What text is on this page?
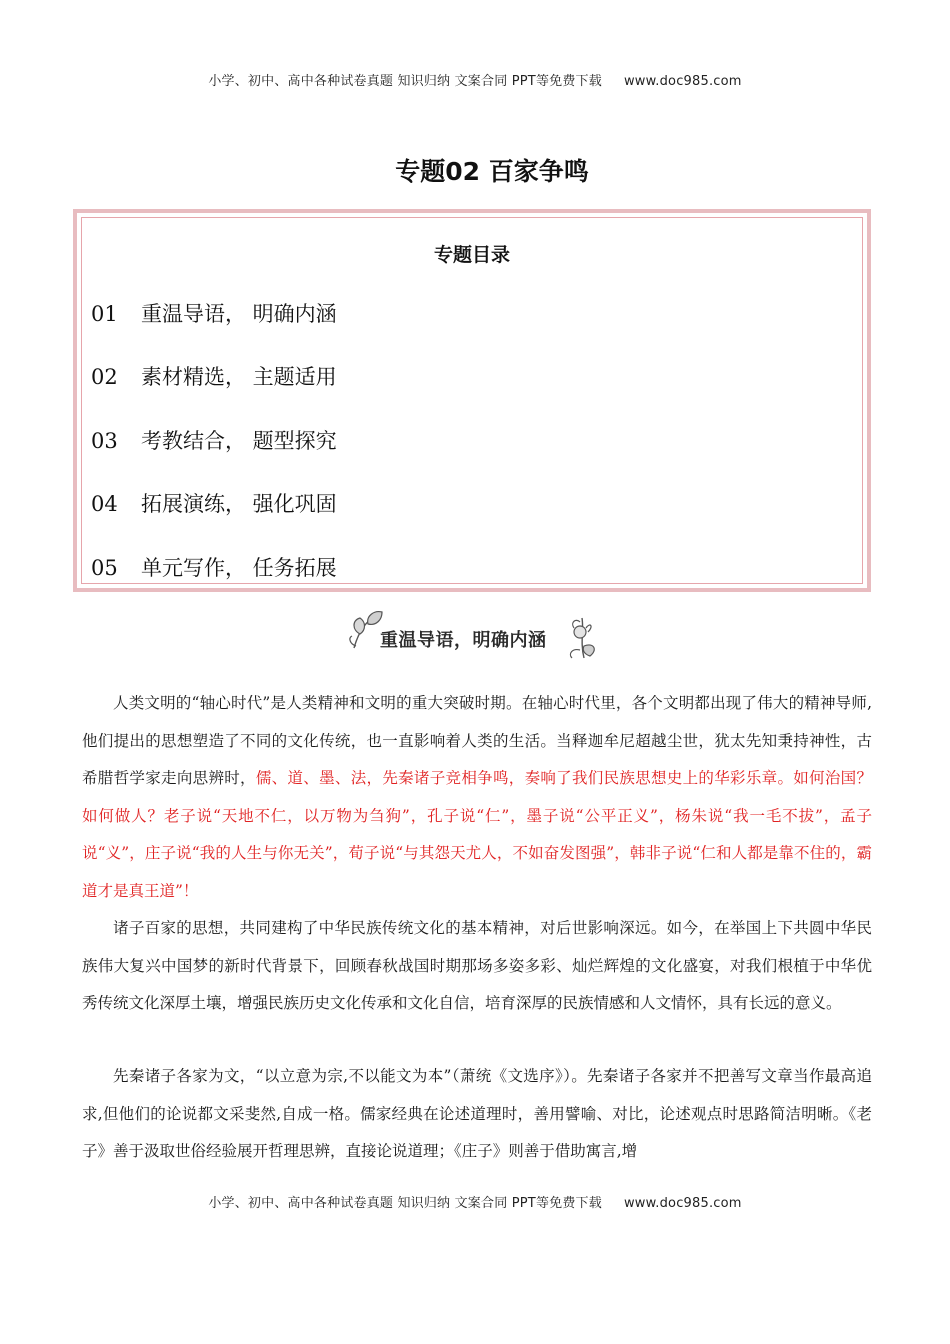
小学、初中、高中各种试卷真题 知识归纳 文案合同 PPT等免费下载 www.doc985.com
专题02 百家争鸣
专题目录
01 重温导语， 明确内涵
02 素材精选， 主题适用
03 考教结合， 题型探究
04 拓展演练， 强化巩固
05 单元写作， 任务拓展
重温导语，明确内涵

人类文明的“轴心时代”是人类精神和文明的重大突破时期。在轴心时代里，各个文明都出现了伟大的精神导师,他们提出的思想塑造了不同的文化传统，也一直影响着人类的生活。当释迦牟尼超越尘世，犹太先知秉持神性，古希腊哲学家走向思辨时，儒、道、墨、法，先秦诸子竞相争鸣，奏响了我们民族思想史上的华彩乐章。如何治国？如何做人？老子说“天地不仁，以万物为刍狗”，孔子说“仁”，墨子说“公平正义”，杨朱说“我一毛不拔”，孟子说“义”，庄子说“我的人生与你无关”，荀子说“与其怨天尤人，不如奋发图强”，韩非子说“仁和人都是靠不住的，霸道才是真王道”！

诸子百家的思想，共同建构了中华民族传统文化的基本精神，对后世影响深远。如今，在举国上下共圆中华民族伟大复兴中国梦的新时代背景下，回顾春秋战国时期那场多姿多彩、灿烂辉煌的文化盛宴，对我们根植于中华优秀传统文化深厚土壤，增强民族历史文化传承和文化自信，培育深厚的民族情感和人文情怀，具有长远的意义。

先秦诸子各家为文，“以立意为宗,不以能文为本”（萧统《文选序》）。先秦诸子各家并不把善写文章当作最高追求,但他们的论说都文采斐然,自成一格。儒家经典在论述道理时，善用譬喻、对比，论述观点时思路简洁明晰。《老子》善于汲取世俗经验展开哲理思辨，直接论说道理；《庄子》则善于借助寓言,增

小学、初中、高中各种试卷真题 知识归纳 文案合同 PPT等免费下载 www.doc985.com
